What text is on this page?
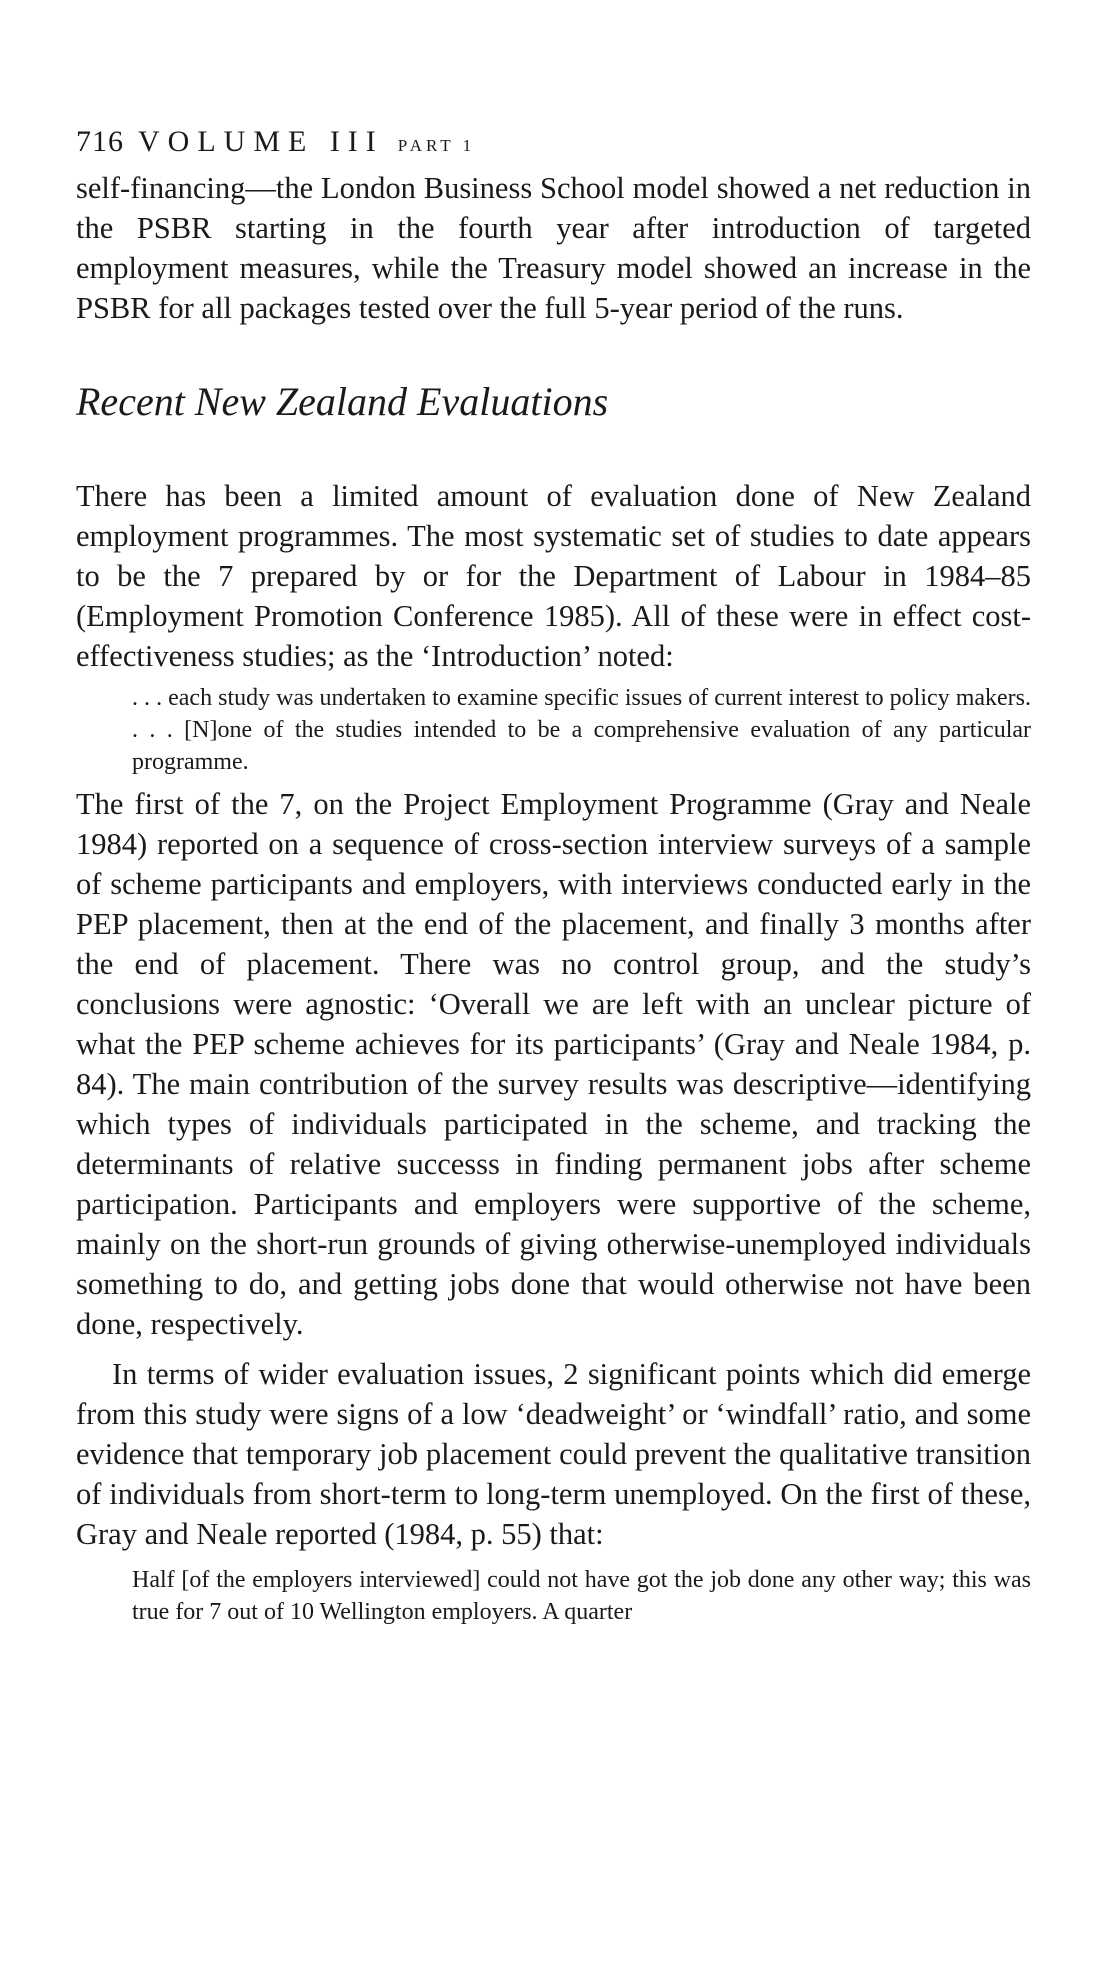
716 VOLUME III PART 1

self-financing—the London Business School model showed a net reduction in the PSBR starting in the fourth year after introduction of targeted employment measures, while the Treasury model showed an increase in the PSBR for all packages tested over the full 5-year period of the runs.

Recent New Zealand Evaluations

There has been a limited amount of evaluation done of New Zealand employment programmes. The most systematic set of studies to date appears to be the 7 prepared by or for the Department of Labour in 1984–85 (Employment Promotion Conference 1985). All of these were in effect cost-effectiveness studies; as the ‘Introduction’ noted:

. . . each study was undertaken to examine specific issues of current interest to policy makers. . . . [N]one of the studies intended to be a comprehensive evaluation of any particular programme.

The first of the 7, on the Project Employment Programme (Gray and Neale 1984) reported on a sequence of cross-section interview surveys of a sample of scheme participants and employers, with interviews conducted early in the PEP placement, then at the end of the placement, and finally 3 months after the end of placement. There was no control group, and the study’s conclusions were agnostic: ‘Overall we are left with an unclear picture of what the PEP scheme achieves for its participants’ (Gray and Neale 1984, p. 84). The main contribution of the survey results was descriptive—identifying which types of individuals participated in the scheme, and tracking the determinants of relative successs in finding permanent jobs after scheme participation. Participants and employers were supportive of the scheme, mainly on the short-run grounds of giving otherwise-unemployed individuals something to do, and getting jobs done that would otherwise not have been done, respectively.

In terms of wider evaluation issues, 2 significant points which did emerge from this study were signs of a low ‘deadweight’ or ‘windfall’ ratio, and some evidence that temporary job placement could prevent the qualitative transition of individuals from short-term to long-term unemployed. On the first of these, Gray and Neale reported (1984, p. 55) that:

Half [of the employers interviewed] could not have got the job done any other way; this was true for 7 out of 10 Wellington employers. A quarter
